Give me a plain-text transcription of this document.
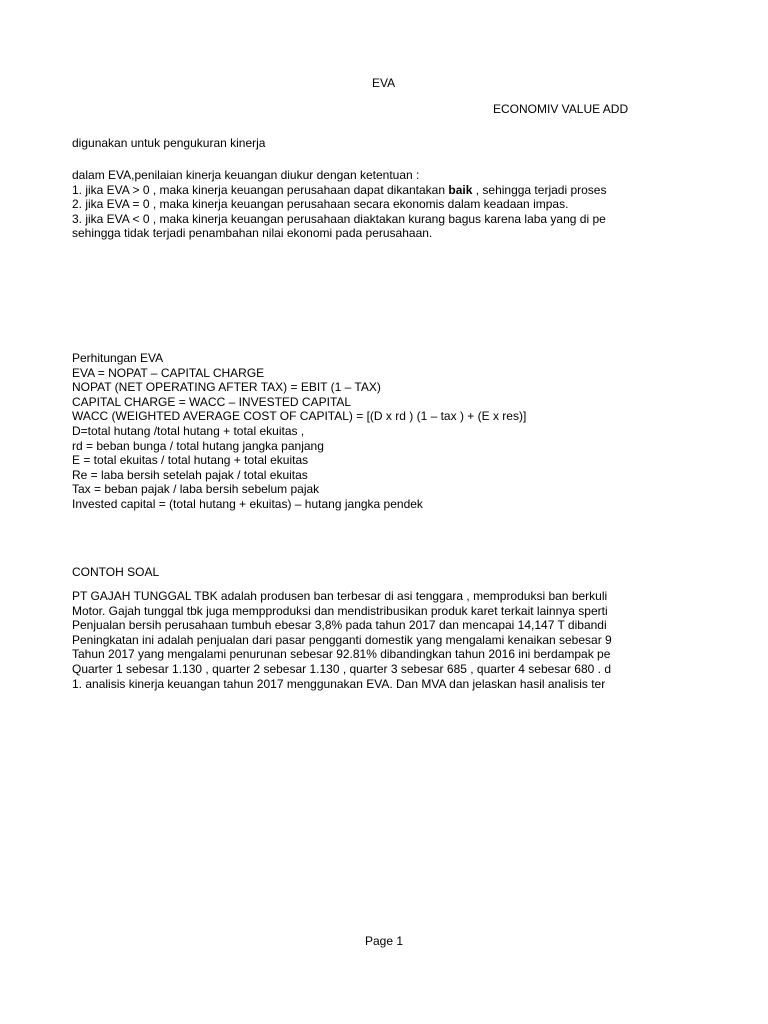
EVA
ECONOMIV VALUE ADD
digunakan untuk pengukuran kinerja
dalam EVA,penilaian kinerja keuangan diukur dengan ketentuan :
1. jika EVA > 0 , maka kinerja keuangan perusahaan dapat dikantakan baik , sehingga terjadi proses
2. jika EVA = 0 , maka kinerja keuangan perusahaan secara ekonomis dalam keadaan impas.
3. jika EVA < 0 , maka kinerja keuangan perusahaan diaktakan kurang bagus karena laba yang di pe
sehingga tidak terjadi penambahan nilai ekonomi pada perusahaan.
Perhitungan EVA
EVA = NOPAT – CAPITAL CHARGE
NOPAT (NET OPERATING AFTER TAX) = EBIT (1 – TAX)
CAPITAL CHARGE = WACC – INVESTED CAPITAL
WACC (WEIGHTED AVERAGE COST OF CAPITAL) = [(D x rd ) (1 – tax ) + (E x res)]
D=total hutang /total hutang + total ekuitas ,
rd = beban bunga / total hutang jangka panjang
E = total ekuitas / total hutang + total ekuitas
Re = laba bersih setelah pajak / total ekuitas
Tax = beban pajak / laba bersih sebelum pajak
Invested capital = (total hutang + ekuitas) – hutang jangka pendek
CONTOH SOAL
PT GAJAH TUNGGAL TBK adalah produsen ban terbesar di asi tenggara , memproduksi ban berkuli
Motor. Gajah tunggal tbk juga mempproduksi dan mendistribusikan produk karet terkait lainnya sperti
Penjualan bersih perusahaan tumbuh ebesar 3,8% pada tahun 2017 dan mencapai 14,147 T dibandi
Peningkatan ini adalah penjualan dari pasar pengganti domestik yang mengalami kenaikan sebesar 9
Tahun 2017 yang mengalami penurunan sebesar 92.81% dibandingkan tahun 2016 ini berdampak pe
Quarter 1 sebesar 1.130 , quarter 2 sebesar 1.130 , quarter 3 sebesar 685 , quarter 4 sebesar 680 . d
1. analisis kinerja keuangan tahun 2017 menggunakan EVA. Dan MVA dan jelaskan hasil analisis ter
Page 1
